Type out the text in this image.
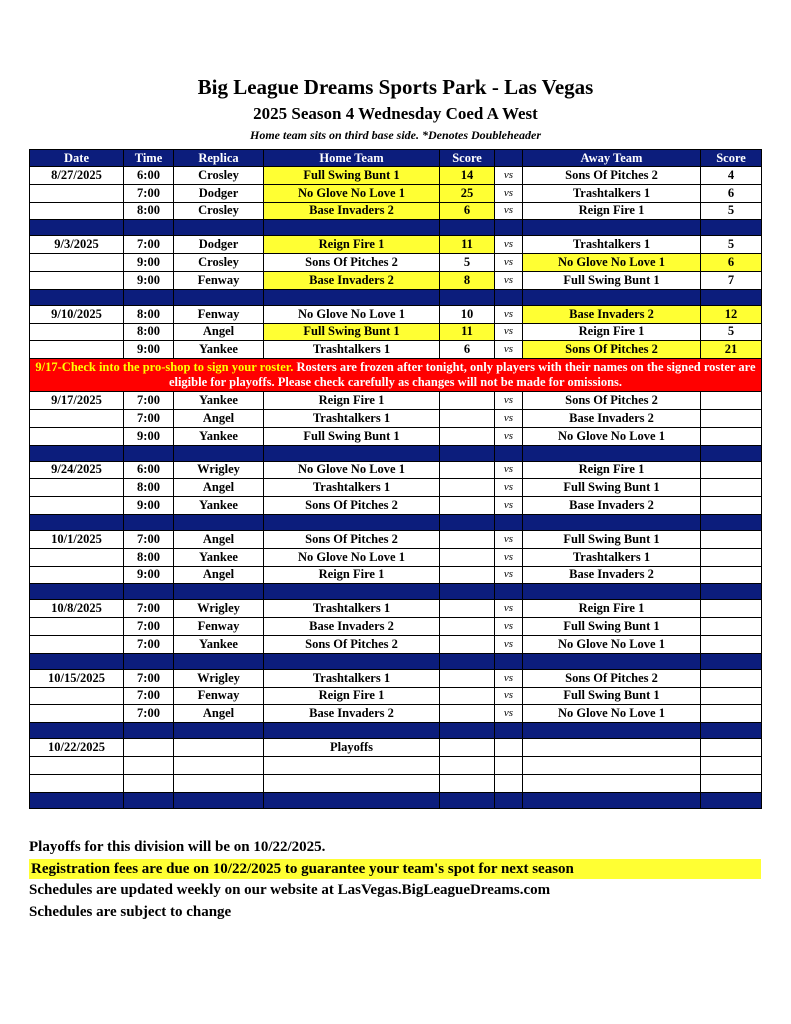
Big League Dreams Sports Park - Las Vegas
2025 Season 4 Wednesday Coed A West
Home team sits on third base side. *Denotes Doubleheader
Date	Time	Replica	Home Team	Score		Away Team	Score
8/27/2025	6:00	Crosley	Full Swing Bunt 1	14	vs	Sons Of Pitches 2	4
	7:00	Dodger	No Glove No Love 1	25	vs	Trashtalkers 1	6
	8:00	Crosley	Base Invaders 2	6	vs	Reign Fire 1	5

9/3/2025	7:00	Dodger	Reign Fire 1	11	vs	Trashtalkers 1	5
	9:00	Crosley	Sons Of Pitches 2	5	vs	No Glove No Love 1	6
	9:00	Fenway	Base Invaders 2	8	vs	Full Swing Bunt 1	7

9/10/2025	8:00	Fenway	No Glove No Love 1	10	vs	Base Invaders 2	12
	8:00	Angel	Full Swing Bunt 1	11	vs	Reign Fire 1	5
	9:00	Yankee	Trashtalkers 1	6	vs	Sons Of Pitches 2	21
9/17-Check into the pro-shop to sign your roster. Rosters are frozen after tonight, only players with their names on the signed roster are eligible for playoffs. Please check carefully as changes will not be made for omissions.							
9/17/2025	7:00	Yankee	Reign Fire 1		vs	Sons Of Pitches 2	
	7:00	Angel	Trashtalkers 1		vs	Base Invaders 2	
	9:00	Yankee	Full Swing Bunt 1		vs	No Glove No Love 1	

9/24/2025	6:00	Wrigley	No Glove No Love 1		vs	Reign Fire 1	
	8:00	Angel	Trashtalkers 1		vs	Full Swing Bunt 1	
	9:00	Yankee	Sons Of Pitches 2		vs	Base Invaders 2	

10/1/2025	7:00	Angel	Sons Of Pitches 2		vs	Full Swing Bunt 1	
	8:00	Yankee	No Glove No Love 1		vs	Trashtalkers 1	
	9:00	Angel	Reign Fire 1		vs	Base Invaders 2	

10/8/2025	7:00	Wrigley	Trashtalkers 1		vs	Reign Fire 1	
	7:00	Fenway	Base Invaders 2		vs	Full Swing Bunt 1	
	7:00	Yankee	Sons Of Pitches 2		vs	No Glove No Love 1	

10/15/2025	7:00	Wrigley	Trashtalkers 1		vs	Sons Of Pitches 2	
	7:00	Fenway	Reign Fire 1		vs	Full Swing Bunt 1	
	7:00	Angel	Base Invaders 2		vs	No Glove No Love 1	

10/22/2025			Playoffs				

Playoffs for this division will be on 10/22/2025.
Registration fees are due on 10/22/2025 to guarantee your team's spot for next season
Schedules are updated weekly on our website at LasVegas.BigLeagueDreams.com
Schedules are subject to change
